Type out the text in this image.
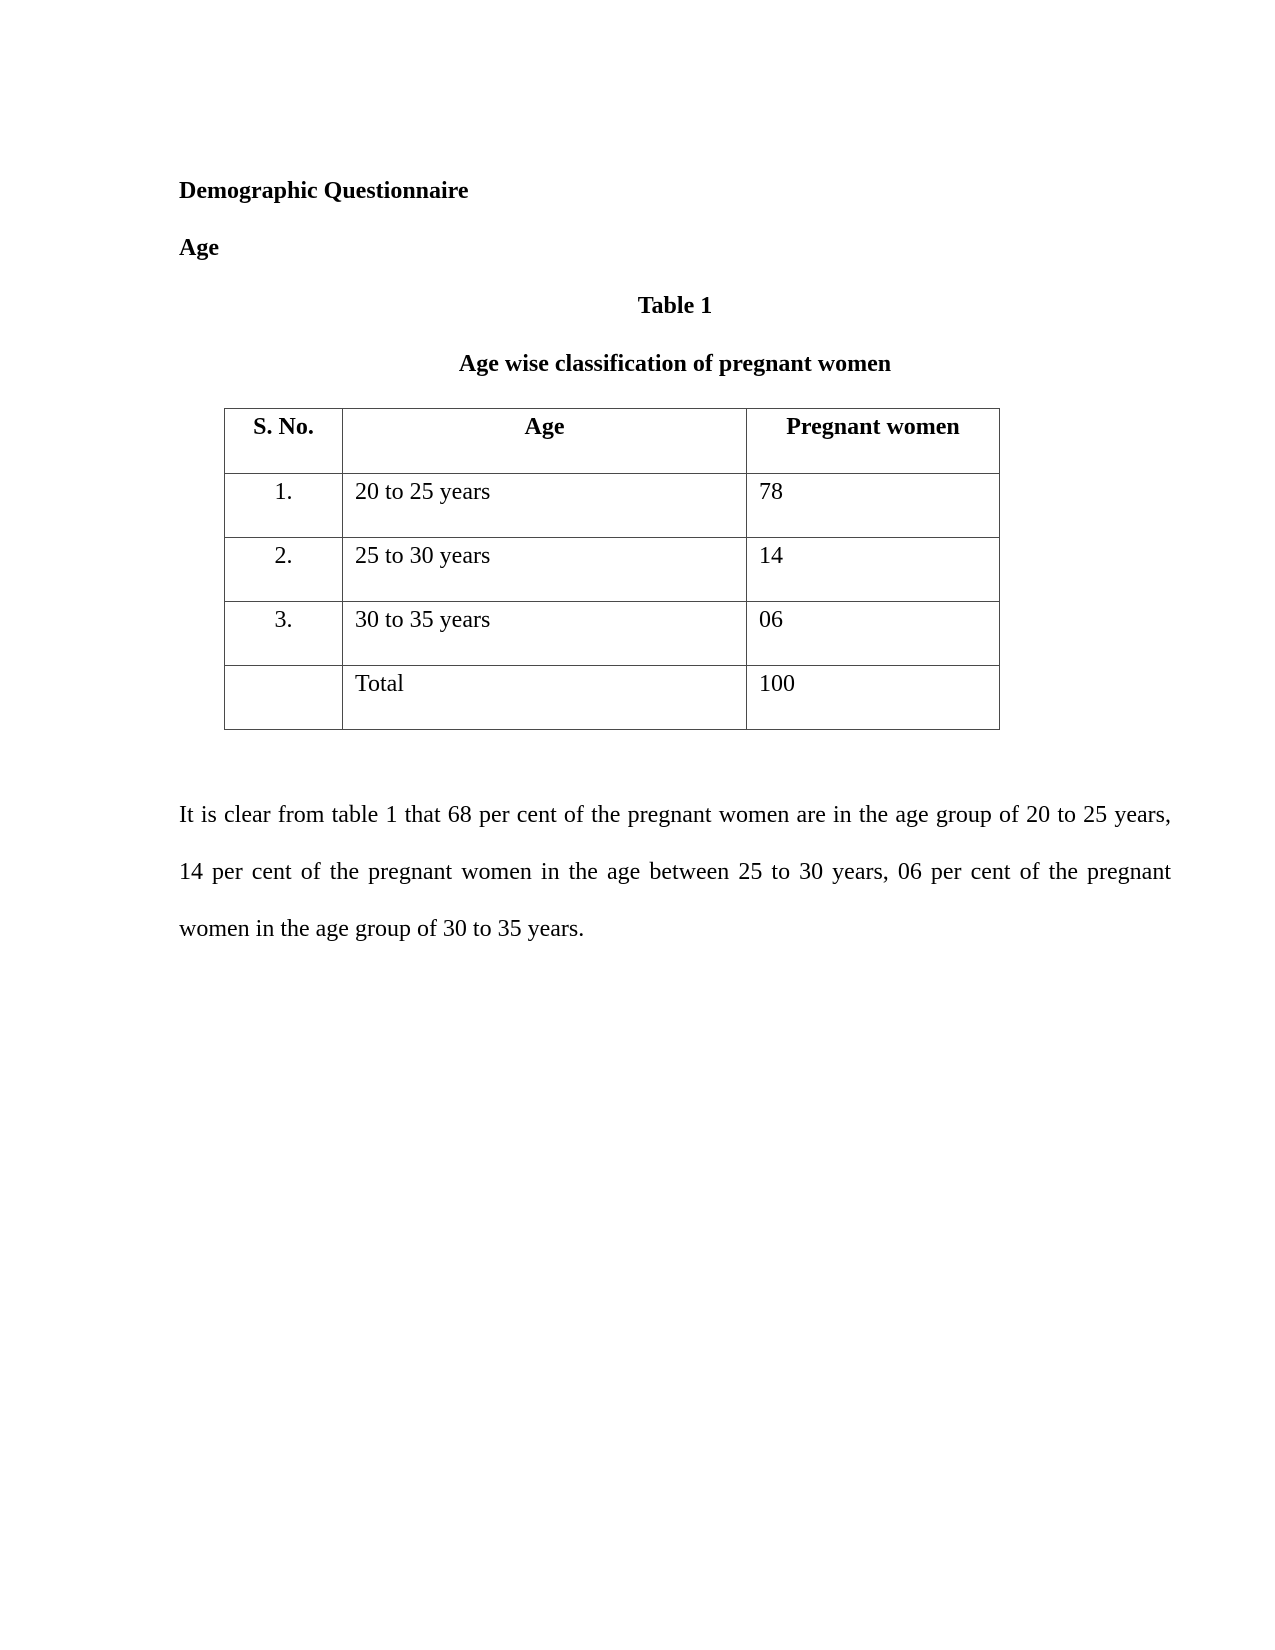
Demographic Questionnaire

Age

Table 1

Age wise classification of pregnant women

S. No.	Age	Pregnant women
1.	20 to 25 years	78
2.	25 to 30 years	14
3.	30 to 35 years	06
	Total	100

It is clear from table 1 that 68 per cent of the pregnant women are in the age group of 20 to 25 years, 14 per cent of the pregnant women in the age between 25 to 30 years, 06 per cent of the pregnant women in the age group of 30 to 35 years.
